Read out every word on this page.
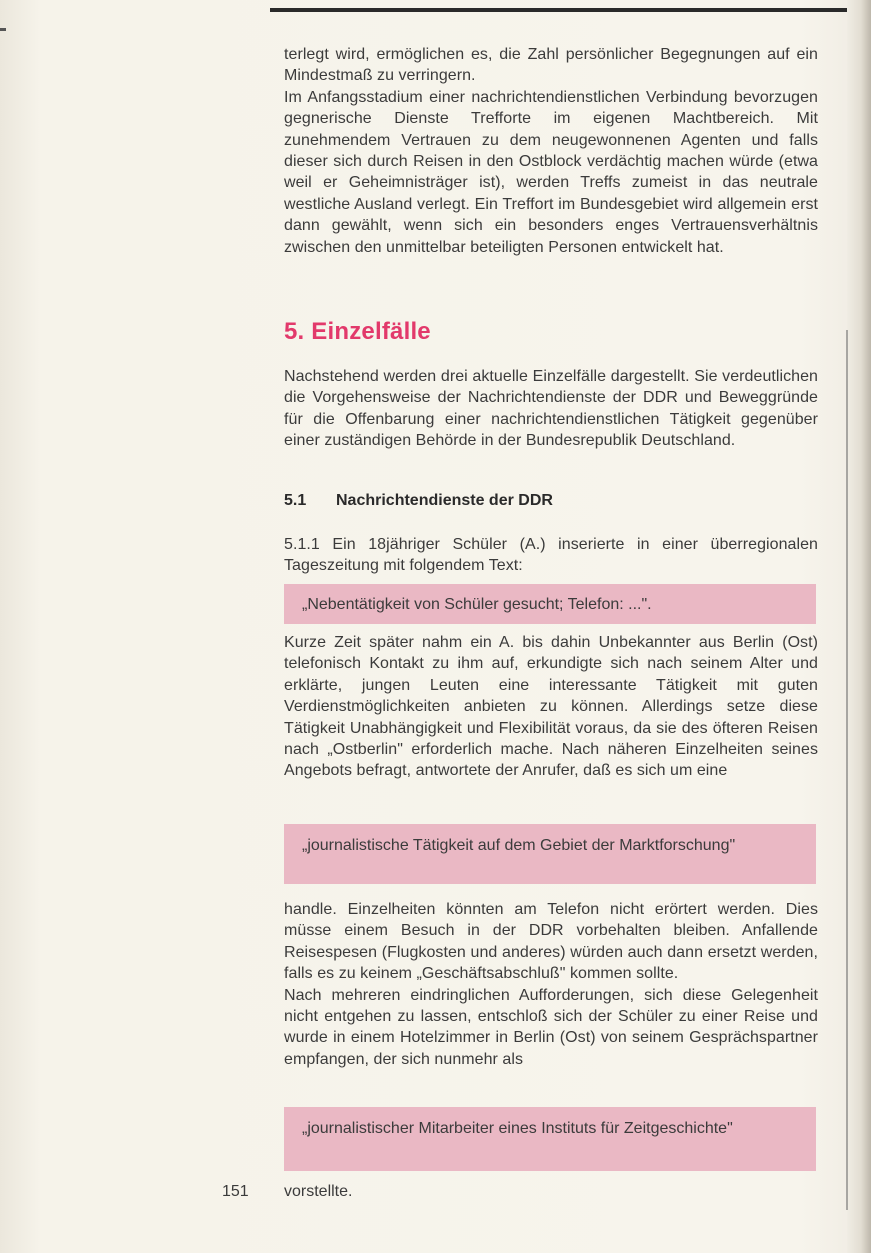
terlegt wird, ermöglichen es, die Zahl persönlicher Begegnungen auf ein Mindestmaß zu verringern.

Im Anfangsstadium einer nachrichtendienstlichen Verbindung bevorzugen gegnerische Dienste Trefforte im eigenen Machtbereich. Mit zunehmendem Vertrauen zu dem neugewonnenen Agenten und falls dieser sich durch Reisen in den Ostblock verdächtig machen würde (etwa weil er Geheimnisträger ist), werden Treffs zumeist in das neutrale westliche Ausland verlegt. Ein Treffort im Bundesgebiet wird allgemein erst dann gewählt, wenn sich ein besonders enges Vertrauensverhältnis zwischen den unmittelbar beteiligten Personen entwickelt hat.

5. Einzelfälle

Nachstehend werden drei aktuelle Einzelfälle dargestellt. Sie verdeutlichen die Vorgehensweise der Nachrichtendienste der DDR und Beweggründe für die Offenbarung einer nachrichtendienstlichen Tätigkeit gegenüber einer zuständigen Behörde in der Bundesrepublik Deutschland.

5.1 Nachrichtendienste der DDR

5.1.1 Ein 18jähriger Schüler (A.) inserierte in einer überregionalen Tageszeitung mit folgendem Text:

„Nebentätigkeit von Schüler gesucht; Telefon: ...".

Kurze Zeit später nahm ein A. bis dahin Unbekannter aus Berlin (Ost) telefonisch Kontakt zu ihm auf, erkundigte sich nach seinem Alter und erklärte, jungen Leuten eine interessante Tätigkeit mit guten Verdienstmöglichkeiten anbieten zu können. Allerdings setze diese Tätigkeit Unabhängigkeit und Flexibilität voraus, da sie des öfteren Reisen nach „Ostberlin" erforderlich mache. Nach näheren Einzelheiten seines Angebots befragt, antwortete der Anrufer, daß es sich um eine

„journalistische Tätigkeit auf dem Gebiet der Marktforschung"

handle. Einzelheiten könnten am Telefon nicht erörtert werden. Dies müsse einem Besuch in der DDR vorbehalten bleiben. Anfallende Reisespesen (Flugkosten und anderes) würden auch dann ersetzt werden, falls es zu keinem „Geschäftsabschluß" kommen sollte.

Nach mehreren eindringlichen Aufforderungen, sich diese Gelegenheit nicht entgehen zu lassen, entschloß sich der Schüler zu einer Reise und wurde in einem Hotelzimmer in Berlin (Ost) von seinem Gesprächspartner empfangen, der sich nunmehr als

„journalistischer Mitarbeiter eines Instituts für Zeitgeschichte"
151 vorstellte.
